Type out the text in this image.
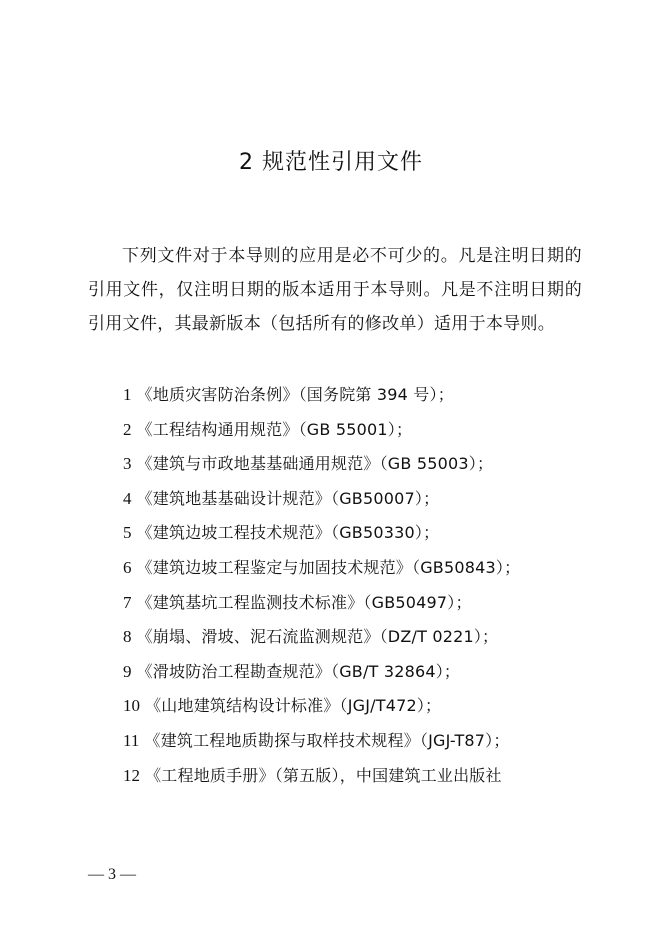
2 规范性引用文件

下列文件对于本导则的应用是必不可少的。凡是注明日期的引用文件，仅注明日期的版本适用于本导则。凡是不注明日期的引用文件，其最新版本（包括所有的修改单）适用于本导则。

1 《地质灾害防治条例》（国务院第 394 号）；
2 《工程结构通用规范》（GB 55001）；
3 《建筑与市政地基基础通用规范》（GB 55003）；
4 《建筑地基基础设计规范》（GB50007）；
5 《建筑边坡工程技术规范》（GB50330）；
6 《建筑边坡工程鉴定与加固技术规范》（GB50843）；
7 《建筑基坑工程监测技术标准》（GB50497）；
8 《崩塌、滑坡、泥石流监测规范》（DZ/T 0221）；
9 《滑坡防治工程勘查规范》（GB/T 32864）；
10 《山地建筑结构设计标准》（JGJ/T472）；
11 《建筑工程地质勘探与取样技术规程》（JGJ-T87）；
12 《工程地质手册》（第五版），中国建筑工业出版社
— 3 —
